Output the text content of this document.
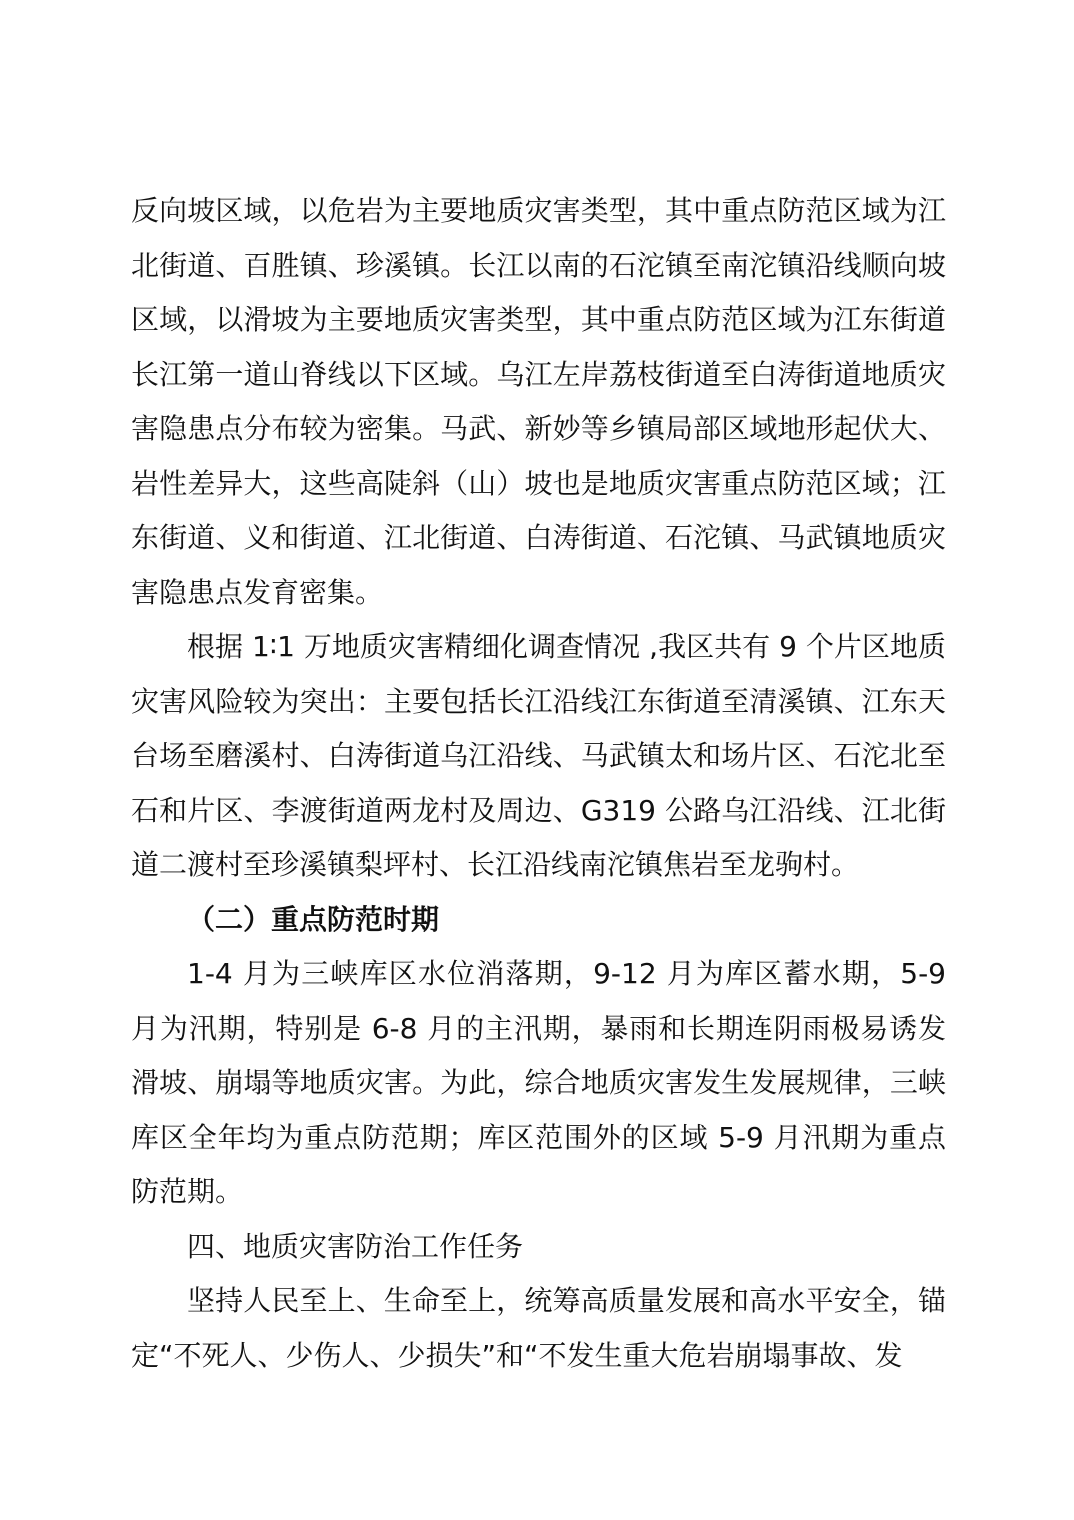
反向坡区域，以危岩为主要地质灾害类型，其中重点防范区域为江北街道、百胜镇、珍溪镇。长江以南的石沱镇至南沱镇沿线顺向坡区域，以滑坡为主要地质灾害类型，其中重点防范区域为江东街道长江第一道山脊线以下区域。乌江左岸荔枝街道至白涛街道地质灾害隐患点分布较为密集。马武、新妙等乡镇局部区域地形起伏大、岩性差异大，这些高陡斜（山）坡也是地质灾害重点防范区域；江东街道、义和街道、江北街道、白涛街道、石沱镇、马武镇地质灾害隐患点发育密集。

根据 1∶1 万地质灾害精细化调查情况 ,我区共有 9 个片区地质灾害风险较为突出：主要包括长江沿线江东街道至清溪镇、江东天台场至磨溪村、白涛街道乌江沿线、马武镇太和场片区、石沱北至石和片区、李渡街道两龙村及周边、G319 公路乌江沿线、江北街道二渡村至珍溪镇梨坪村、长江沿线南沱镇焦岩至龙驹村。

（二）重点防范时期

1-4 月为三峡库区水位消落期，9-12 月为库区蓄水期，5-9 月为汛期，特别是 6-8 月的主汛期，暴雨和长期连阴雨极易诱发滑坡、崩塌等地质灾害。为此，综合地质灾害发生发展规律，三峡库区全年均为重点防范期；库区范围外的区域 5-9 月汛期为重点防范期。

四、地质灾害防治工作任务

坚持人民至上、生命至上，统筹高质量发展和高水平安全，锚定“不死人、少伤人、少损失”和“不发生重大危岩崩塌事故、发
